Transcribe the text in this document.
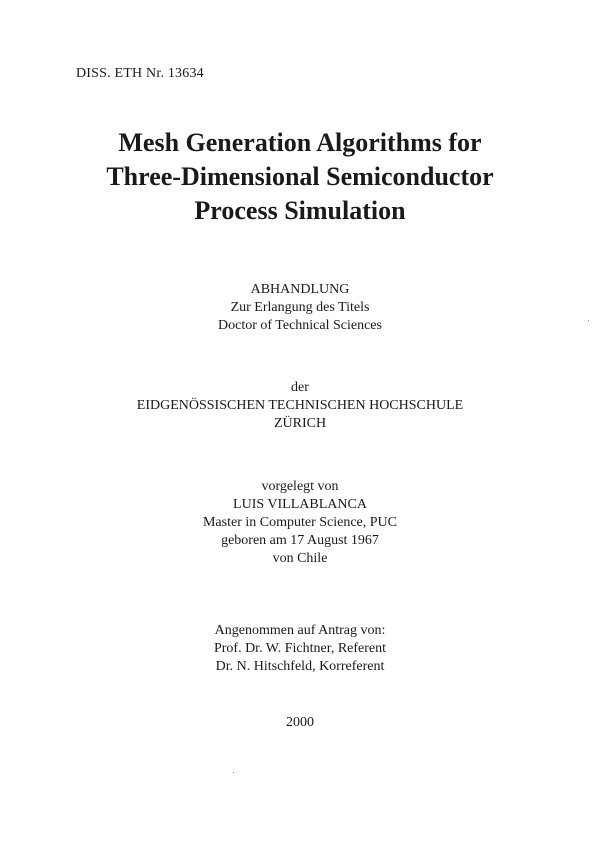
DISS. ETH Nr. 13634
Mesh Generation Algorithms for
Three-Dimensional Semiconductor
Process Simulation
ABHANDLUNG
Zur Erlangung des Titels
Doctor of Technical Sciences
der
EIDGENÖSSISCHEN TECHNISCHEN HOCHSCHULE
ZÜRICH
vorgelegt von
LUIS VILLABLANCA
Master in Computer Science, PUC
geboren am 17 August 1967
von Chile
Angenommen auf Antrag von:
Prof. Dr. W. Fichtner, Referent
Dr. N. Hitschfeld, Korreferent
2000
